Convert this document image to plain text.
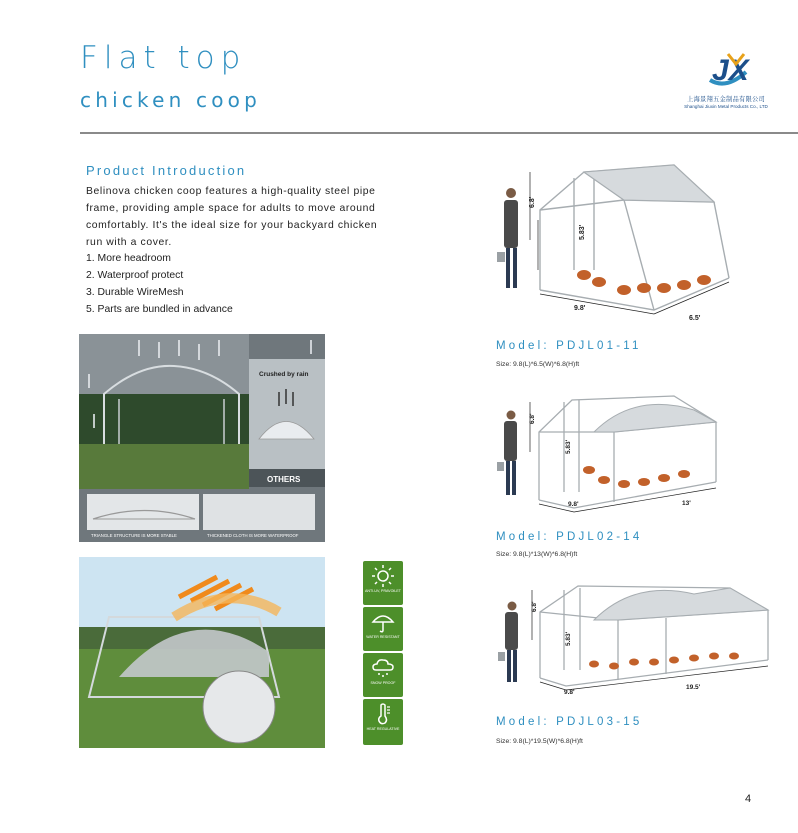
Flat top
chicken coop
JX
上海景翔五金制品有限公司
Shanghai Jiuxin Metal Products Co., LTD
Product Introduction
Belinova chicken coop features a high-quality steel pipe frame, providing ample space for adults to move around comfortably. It's the ideal size for your backyard chicken run with a cover.
1. More headroom
2. Waterproof protect
3. Durable WireMesh
5. Parts are bundled in advance
Crushed by rain
OTHERS
TRIANGLE STRUCTURE IS MORE STABLE	THICKENED CLOTH IS MORE WATERPROOF
ANTI-UV, PRAVOILET
WATER RESISTANT
SNOW PROOF
HEAT REGULATIVE
6.8'
5.83'
9.8'
6.5'
Model: PDJL01-11
Size: 9.8(L)*6.5(W)*6.8(H)ft
6.8'
5.83'
9.8'	13'
Model: PDJL02-14
Size: 9.8(L)*13(W)*6.8(H)ft
6.8'
5.83'
9.8'
19.5'
Model: PDJL03-15
Size: 9.8(L)*19.5(W)*6.8(H)ft
4
